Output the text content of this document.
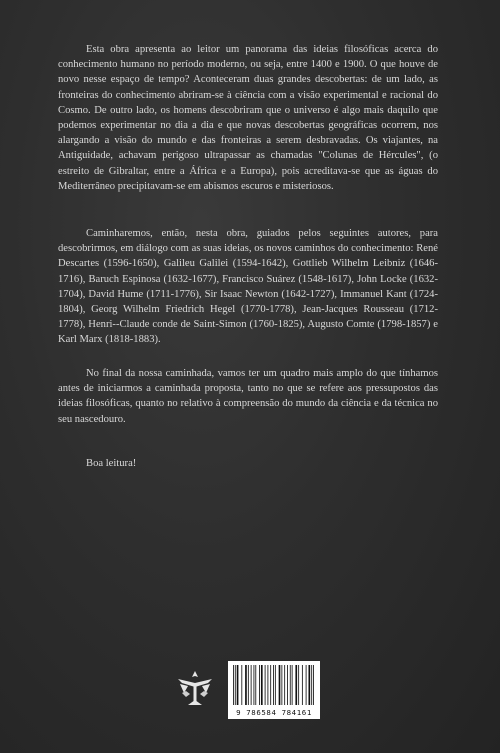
Esta obra apresenta ao leitor um panorama das ideias filosóficas acerca do conhecimento humano no período moderno, ou seja, entre 1400 e 1900. O que houve de novo nesse espaço de tempo? Aconteceram duas grandes descobertas: de um lado, as fronteiras do conhecimento abriram-se à ciência com a visão experimental e racional do Cosmo. De outro lado, os homens descobriram que o universo é algo mais daquilo que podemos experimentar no dia a dia e que novas descobertas geográficas ocorrem, nos alargando a visão do mundo e das fronteiras a serem desbravadas. Os viajantes, na Antiguidade, achavam perigoso ultrapassar as chamadas "Colunas de Hércules", (o estreito de Gibraltar, entre a África e a Europa), pois acreditava-se que as águas do Mediterrâneo precipitavam-se em abismos escuros e misteriosos.

Caminharemos, então, nesta obra, guiados pelos seguintes autores, para descobrirmos, em diálogo com as suas ideias, os novos caminhos do conhecimento: René Descartes (1596-1650), Galileu Galilei (1594-1642), Gottlieb Wilhelm Leibniz (1646-1716), Baruch Espinosa (1632-1677), Francisco Suárez (1548-1617), John Locke (1632-1704), David Hume (1711-1776), Sir Isaac Newton (1642-1727), Immanuel Kant (1724-1804), Georg Wilhelm Friedrich Hegel (1770-1778), Jean-Jacques Rousseau (1712-1778), Henri--Claude conde de Saint-Simon (1760-1825), Augusto Comte (1798-1857) e Karl Marx (1818-1883).

No final da nossa caminhada, vamos ter um quadro mais amplo do que tínhamos antes de iniciarmos a caminhada proposta, tanto no que se refere aos pressupostos das ideias filosóficas, quanto no relativo à compreensão do mundo da ciência e da técnica no seu nascedouro.

Boa leitura!

9 786584 784161
